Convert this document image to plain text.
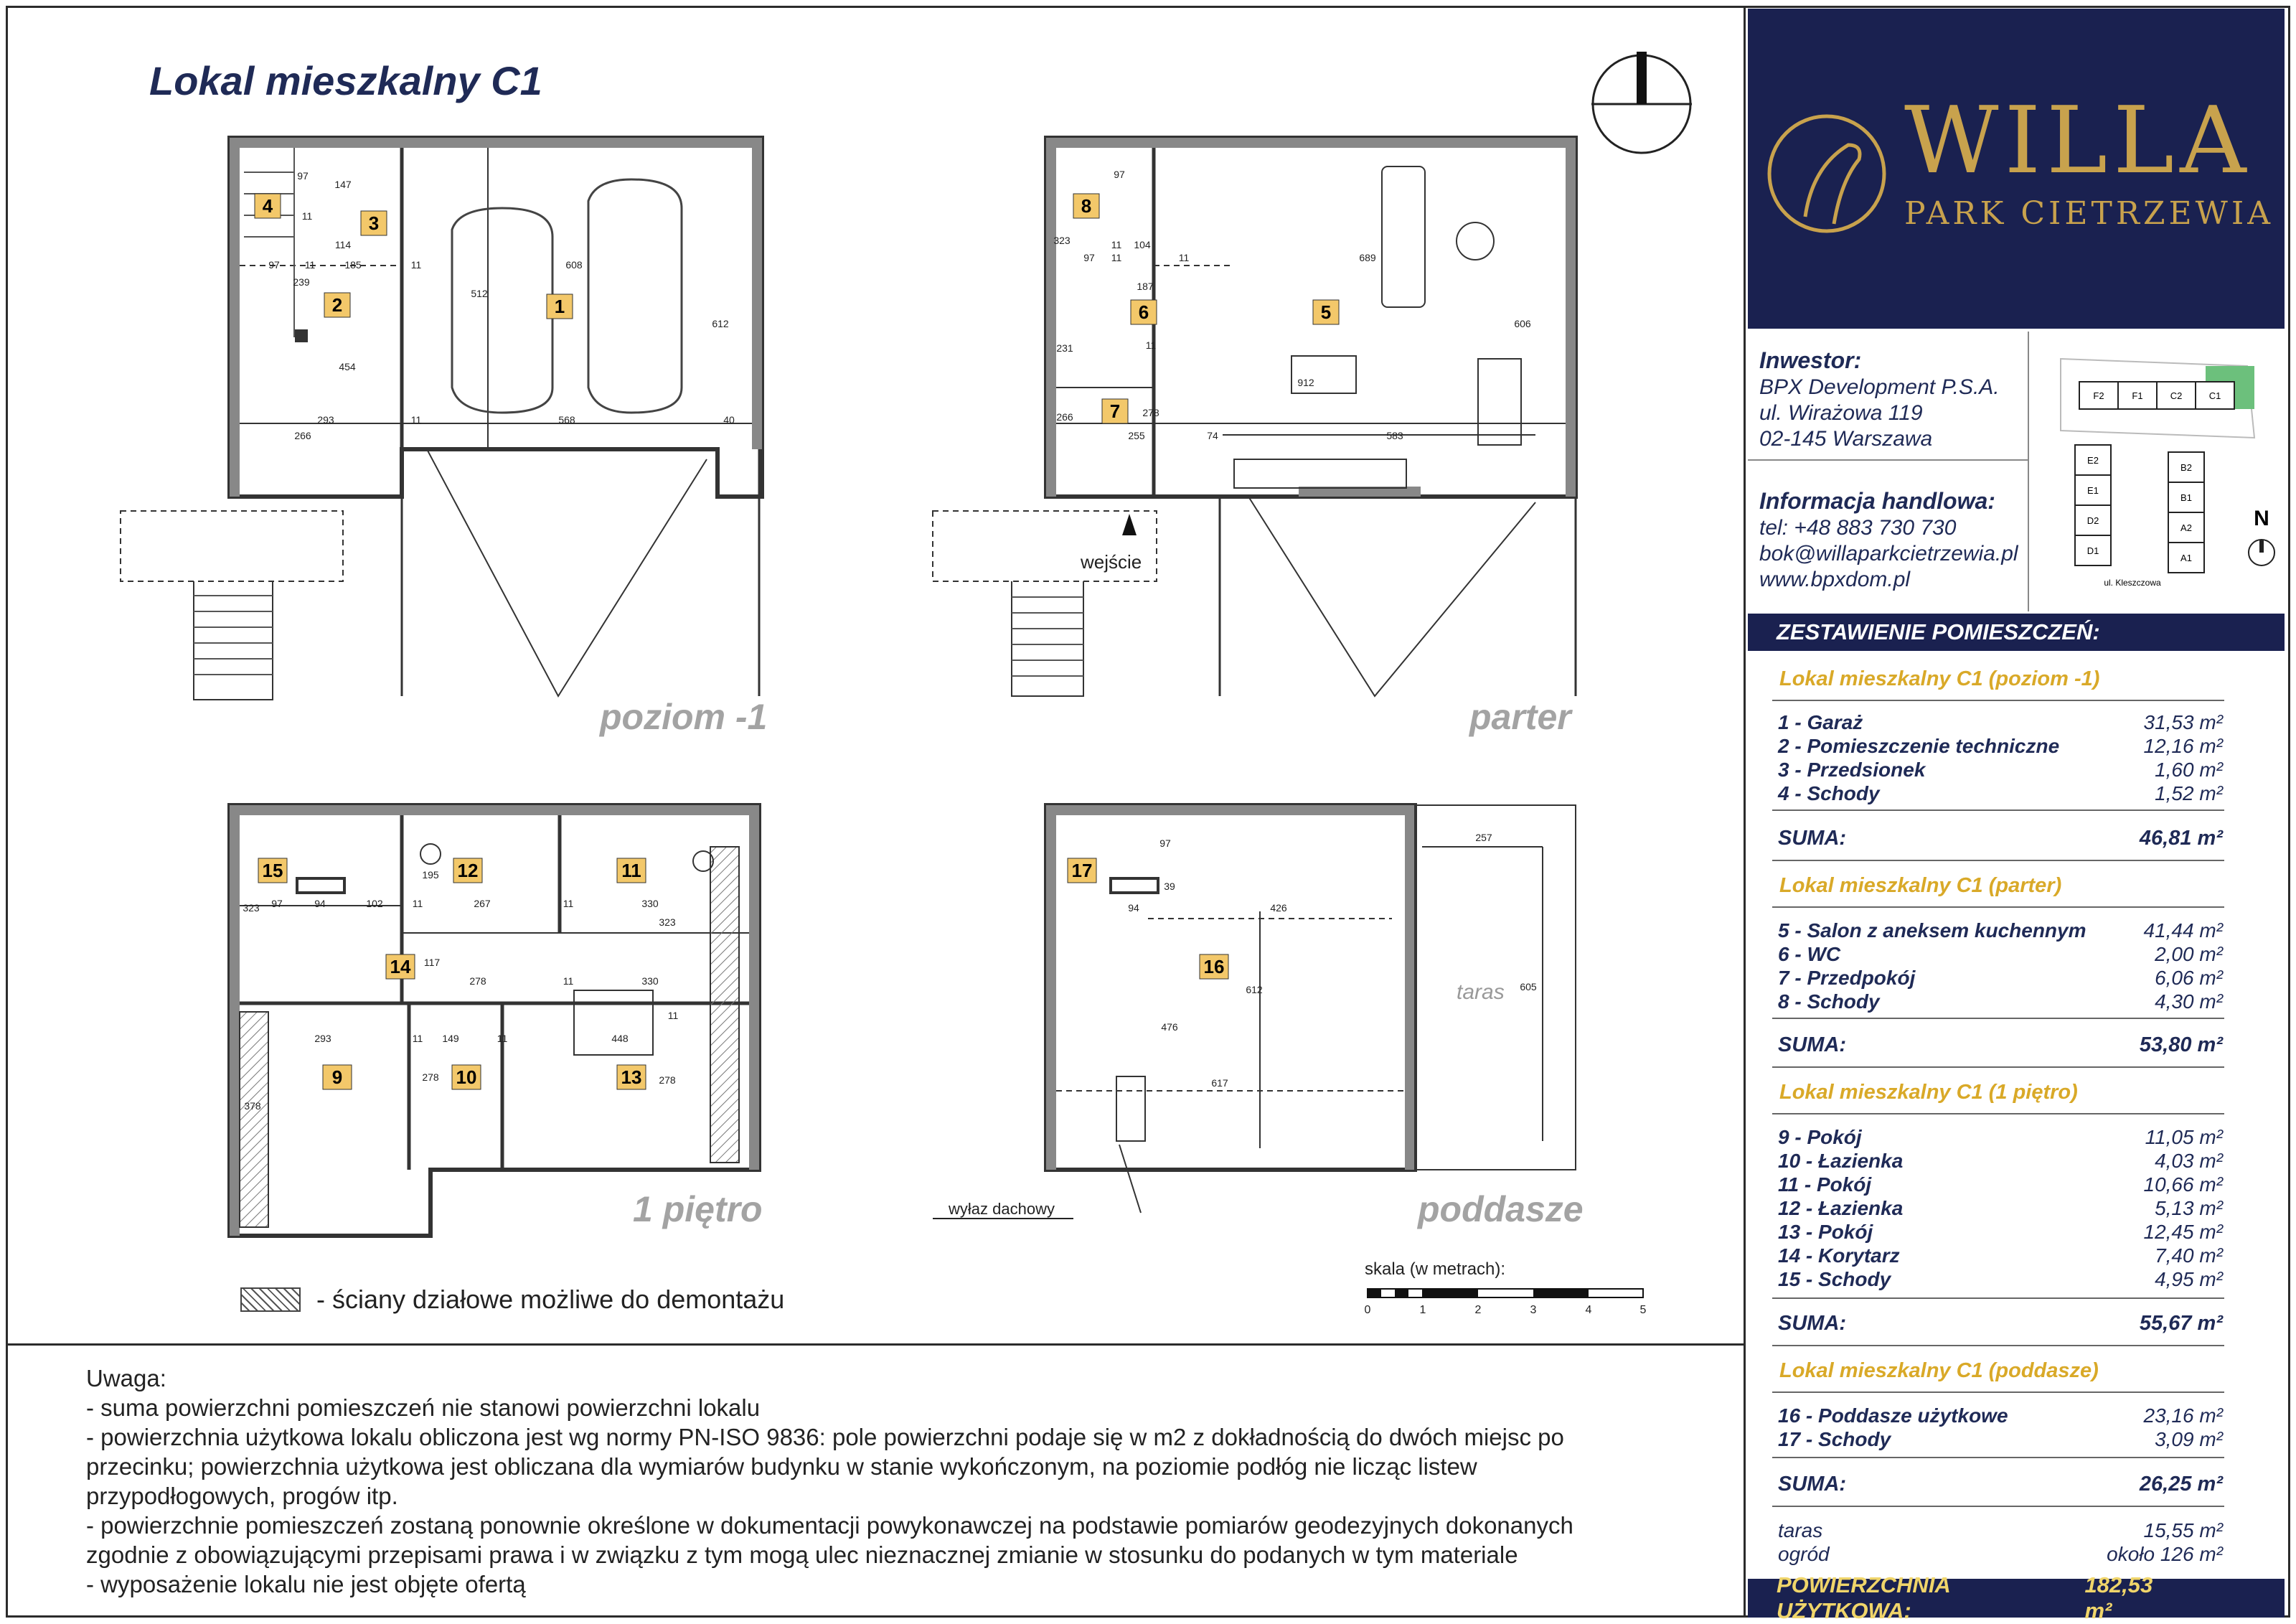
Lokal mieszkalny C1
4
3
2	1
8
6	5
7
15	12	11
14
9	10	13
17
16
97
147
11
114
97 11	185	11	608
239
512
612
454
266
293	11	568	40
97
323	11 104
689
97 11
187
11
606
231	11
912
266
255
278
74	583
94	102	11	267	11	330
195
323
97
323
117
278	11	330
293	11 149	11	448
11
278
378
278
97
94
39
426
257
612
476
605
617
wejście
taras
wyłaz dachowy
skala (w metrach):
0	1	2	3	4	5
poziom -1	parter
1 piętro	poddasze
- ściany działowe możliwe do demontażu
Uwaga:
- suma powierzchni pomieszczeń nie stanowi powierzchni lokalu
- powierzchnia użytkowa lokalu obliczona jest wg normy PN-ISO 9836: pole powierzchni podaje się w m2 z dokładnością do dwóch miejsc po
przecinku; powierzchnia użytkowa jest obliczana dla wymiarów budynku w stanie wykończonym, na poziomie podłóg nie licząc listew
przypodłogowych, progów itp.
- powierzchnie pomieszczeń zostaną ponownie określone w dokumentacji powykonawczej na podstawie pomiarów geodezyjnych dokonanych
zgodnie z obowiązującymi przepisami prawa i w związku z tym mogą ulec nieznacznej zmianie w stosunku do podanych w tym materiale
- wyposażenie lokalu nie jest objęte ofertą
WILLA
PARK CIETRZEWIA
Inwestor:
BPX Development P.S.A.
ul. Wirażowa 119
02-145 Warszawa
Informacja handlowa:
tel: +48 883 730 730
bok@willaparkcietrzewia.pl
www.bpxdom.pl
F2	F1	C2	C1
E2
E1
D2
D1
B2
B1
A2
A1
ul. Kleszczowa
N
ZESTAWIENIE POMIESZCZEŃ:
Lokal mieszkalny C1 (poziom -1)
1 - Garaż	31,53 m²
2 - Pomieszczenie techniczne	12,16 m²
3 - Przedsionek	1,60 m²
4 - Schody	1,52 m²
SUMA:	46,81 m²
Lokal mieszkalny C1 (parter)
5 - Salon z aneksem kuchennym	41,44 m²
6 - WC	2,00 m²
7 - Przedpokój	6,06 m²
8 - Schody	4,30 m²
SUMA:	53,80 m²
Lokal mieszkalny C1 (1 piętro)
9 - Pokój	11,05 m²
10 - Łazienka	4,03 m²
11 - Pokój	10,66 m²
12 - Łazienka	5,13 m²
13 - Pokój	12,45 m²
14 - Korytarz	7,40 m²
15 - Schody	4,95 m²
SUMA:	55,67 m²
Lokal mieszkalny C1 (poddasze)
16 - Poddasze użytkowe	23,16 m²
17 - Schody	3,09 m²
SUMA:	26,25 m²
taras	15,55 m²
ogród	około 126 m²
POWIERZCHNIA UŻYTKOWA:
182,53 m²
